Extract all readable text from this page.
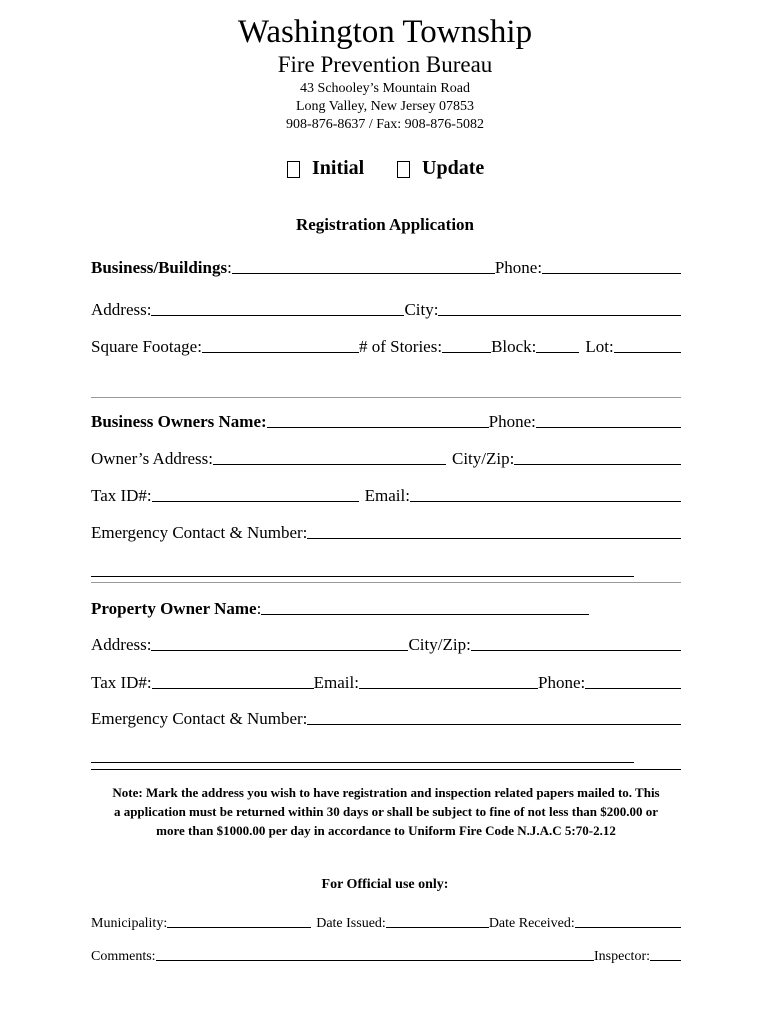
Washington Township
Fire Prevention Bureau
43 Schooley’s Mountain Road
Long Valley, New Jersey 07853
908-876-8637 / Fax: 908-876-5082
Initial	Update
Registration Application
Business/Buildings :	Phone:
Address:	City:
Square Footage:	# of Stories:	Block:	Lot:
Business Owners Name:	Phone:
Owner’s Address:	City/Zip:
Tax ID#:	Email:
Emergency Contact & Number:
Property Owner Name :
Address:	City/Zip:
Tax ID#:	Email:	Phone:
Emergency Contact & Number:
Note: Mark the address you wish to have registration and inspection related papers mailed to. This
a application must be returned within 30 days or shall be subject to fine of not less than $200.00 or
more than $1000.00 per day in accordance to Uniform Fire Code N.J.A.C 5:70-2.12
For Official use only:
Municipality:	Date Issued:	Date Received:
Comments:	Inspector:
